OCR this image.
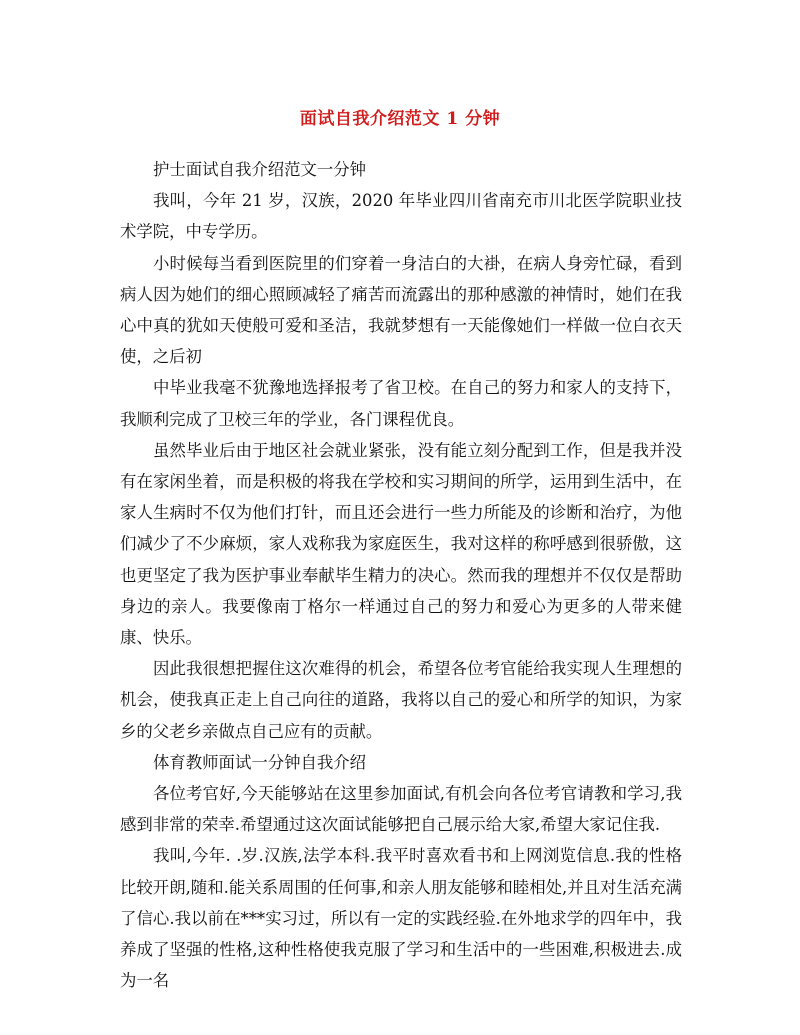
面试自我介绍范文 1 分钟

护士面试自我介绍范文一分钟

我叫，今年 21 岁，汉族，2020 年毕业四川省南充市川北医学院职业技术学院，中专学历。

小时候每当看到医院里的们穿着一身洁白的大褂，在病人身旁忙碌，看到病人因为她们的细心照顾减轻了痛苦而流露出的那种感激的神情时，她们在我心中真的犹如天使般可爱和圣洁，我就梦想有一天能像她们一样做一位白衣天使，之后初

中毕业我毫不犹豫地选择报考了省卫校。在自己的努力和家人的支持下，我顺利完成了卫校三年的学业，各门课程优良。

虽然毕业后由于地区社会就业紧张，没有能立刻分配到工作，但是我并没有在家闲坐着，而是积极的将我在学校和实习期间的所学，运用到生活中，在家人生病时不仅为他们打针，而且还会进行一些力所能及的诊断和治疗，为他们减少了不少麻烦，家人戏称我为家庭医生，我对这样的称呼感到很骄傲，这也更坚定了我为医护事业奉献毕生精力的决心。然而我的理想并不仅仅是帮助身边的亲人。我要像南丁格尔一样通过自己的努力和爱心为更多的人带来健康、快乐。

因此我很想把握住这次难得的机会，希望各位考官能给我实现人生理想的机会，使我真正走上自己向往的道路，我将以自己的爱心和所学的知识，为家乡的父老乡亲做点自己应有的贡献。

体育教师面试一分钟自我介绍

各位考官好,今天能够站在这里参加面试,有机会向各位考官请教和学习,我感到非常的荣幸.希望通过这次面试能够把自己展示给大家,希望大家记住我.

我叫,今年. .岁.汉族,法学本科.我平时喜欢看书和上网浏览信息.我的性格比较开朗,随和.能关系周围的任何事,和亲人朋友能够和睦相处,并且对生活充满了信心.我以前在***实习过，所以有一定的实践经验.在外地求学的四年中，我养成了坚强的性格,这种性格使我克服了学习和生活中的一些困难,积极进去.成为一名
